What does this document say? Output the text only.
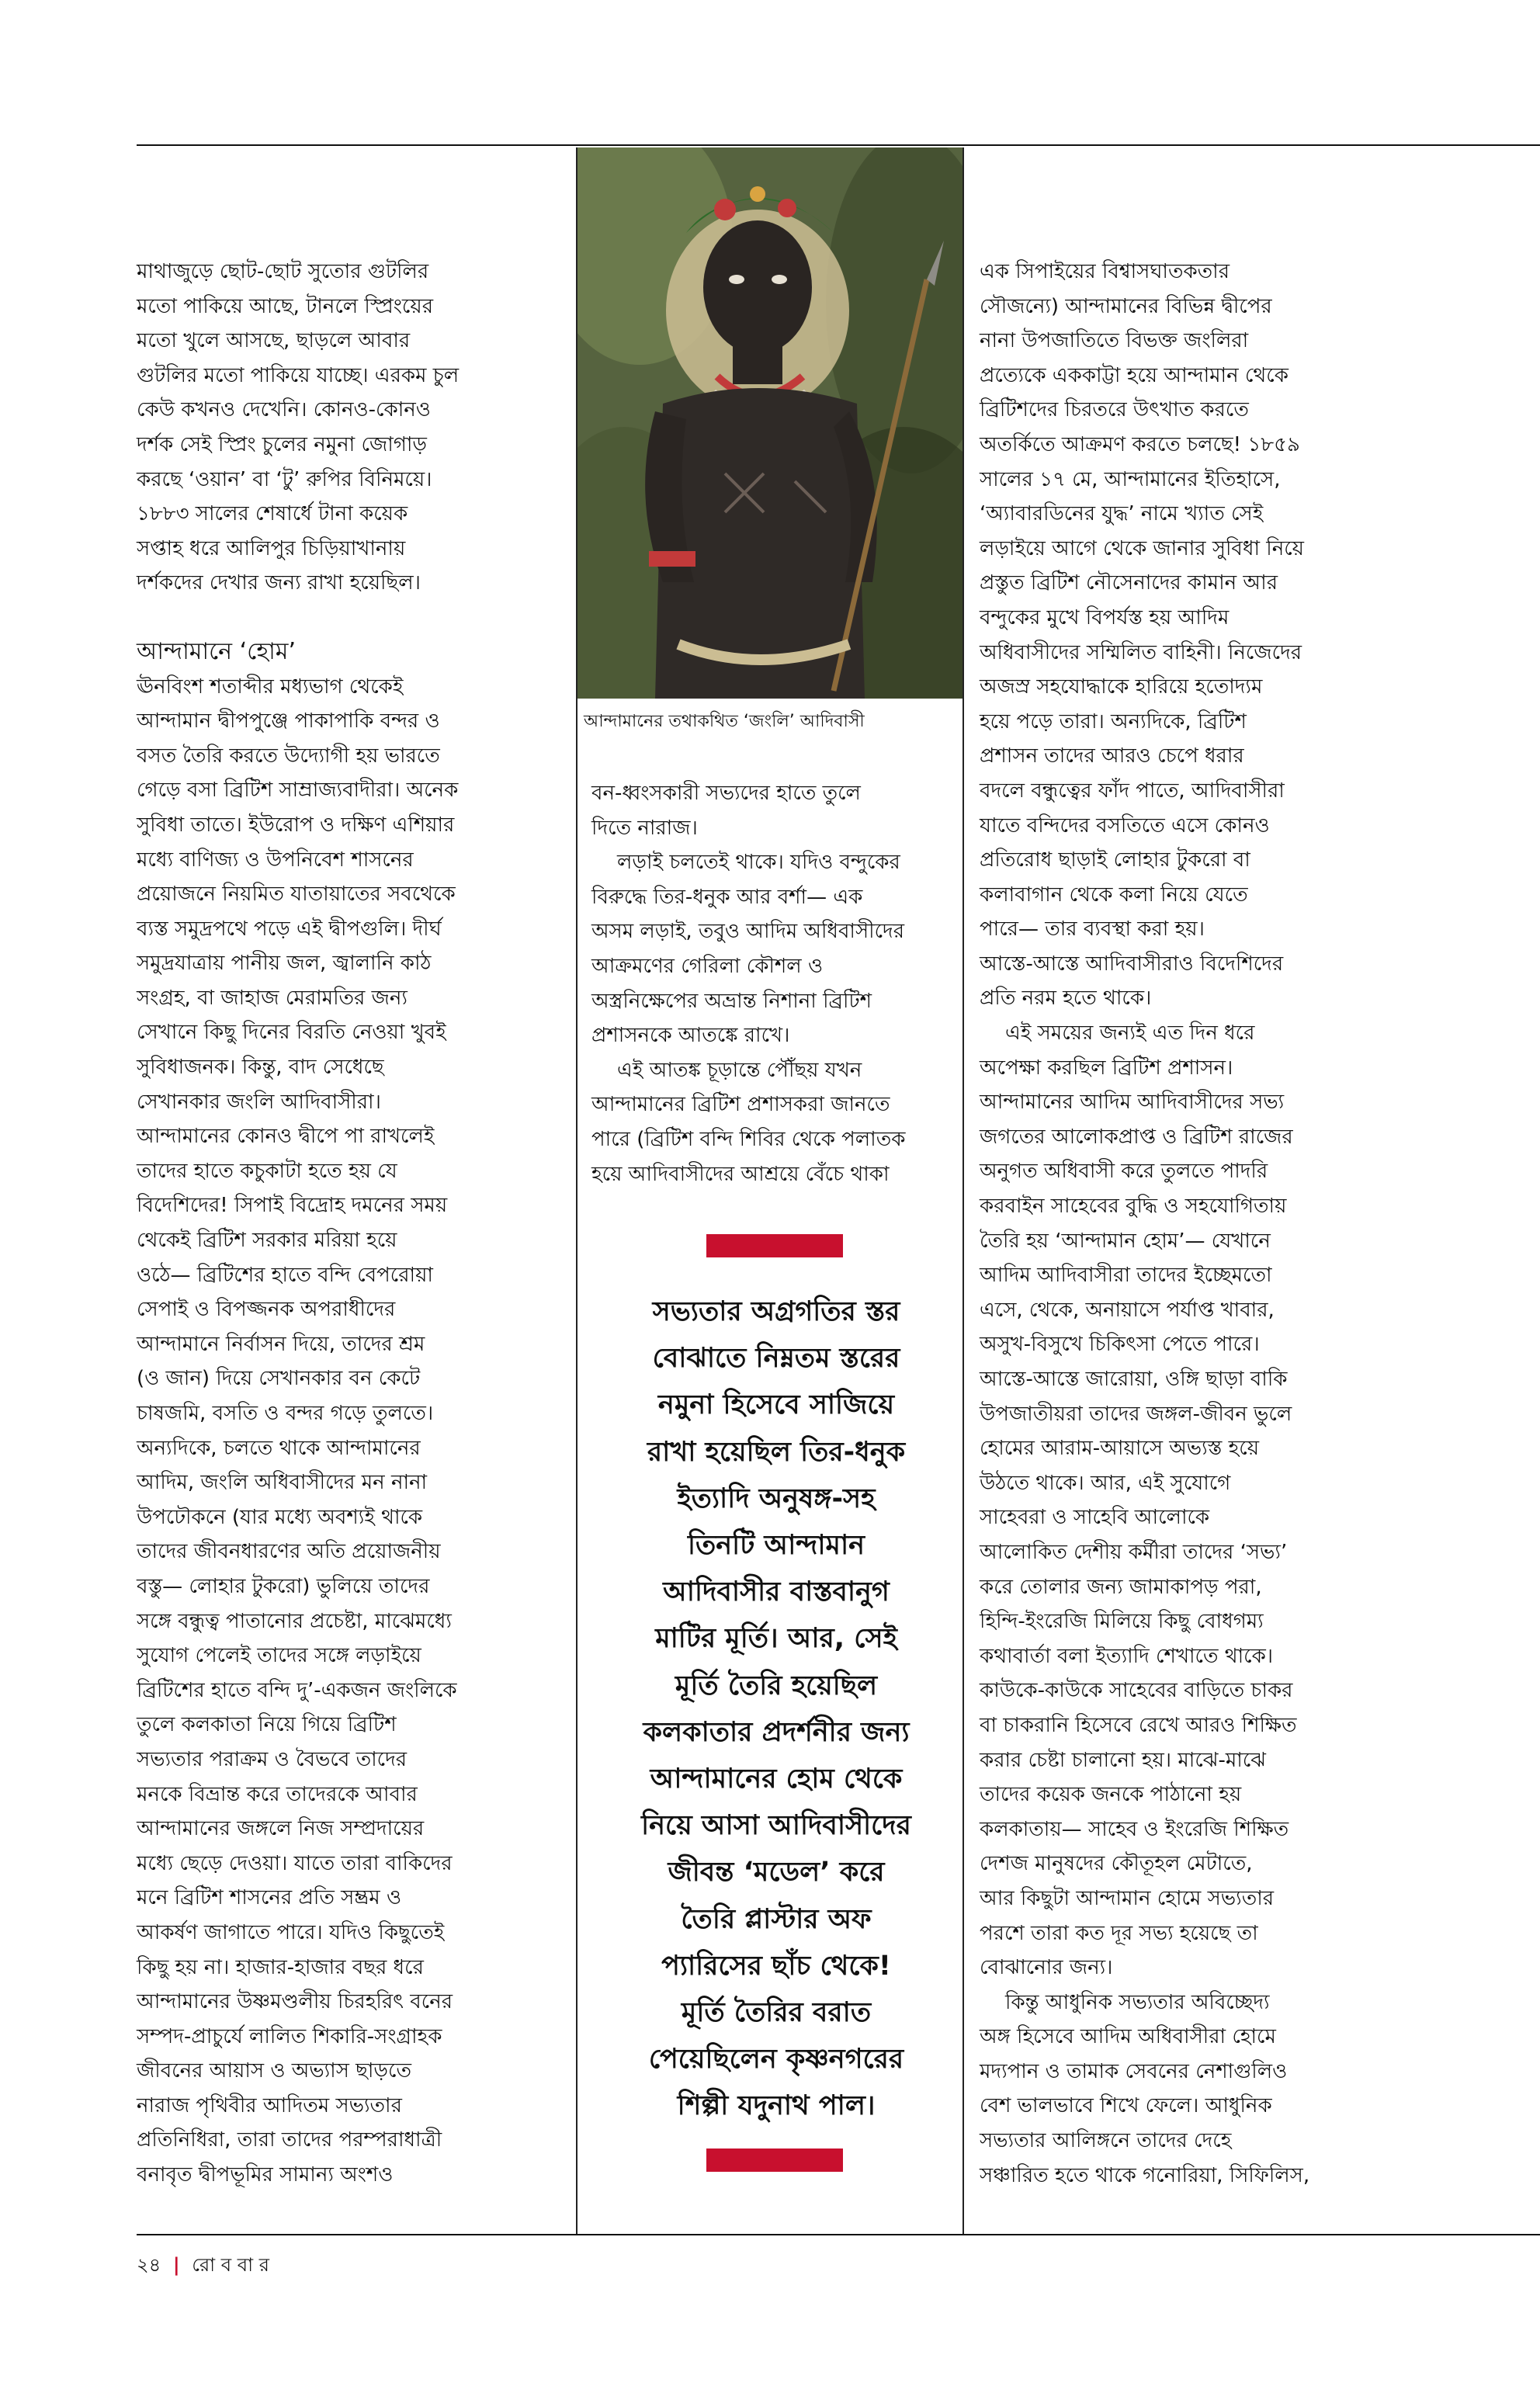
মাথাজুড়ে ছোট-ছোট সুতোর গুটলির

মতো পাকিয়ে আছে, টানলে স্প্রিংয়ের

মতো খুলে আসছে, ছাড়লে আবার

গুটলির মতো পাকিয়ে যাচ্ছে। এরকম চুল

কেউ কখনও দেখেনি। কোনও-কোনও

দর্শক সেই স্প্রিং চুলের নমুনা জোগাড়

করছে ‘ওয়ান’ বা ‘টু’ রুপির বিনিময়ে।

১৮৮৩ সালের শেষার্ধে টানা কয়েক

সপ্তাহ ধরে আলিপুর চিড়িয়াখানায়

দর্শকদের দেখার জন্য রাখা হয়েছিল।

আন্দামানে ‘হোম’

ঊনবিংশ শতাব্দীর মধ্যভাগ থেকেই

আন্দামান দ্বীপপুঞ্জে পাকাপাকি বন্দর ও

বসত তৈরি করতে উদ্যোগী হয় ভারতে

গেড়ে বসা ব্রিটিশ সাম্রাজ্যবাদীরা। অনেক

সুবিধা তাতে। ইউরোপ ও দক্ষিণ এশিয়ার

মধ্যে বাণিজ্য ও উপনিবেশ শাসনের

প্রয়োজনে নিয়মিত যাতায়াতের সবথেকে

ব্যস্ত সমুদ্রপথে পড়ে এই দ্বীপগুলি। দীর্ঘ

সমুদ্রযাত্রায় পানীয় জল, জ্বালানি কাঠ

সংগ্রহ, বা জাহাজ মেরামতির জন্য

সেখানে কিছু দিনের বিরতি নেওয়া খুবই

সুবিধাজনক। কিন্তু, বাদ সেধেছে

সেখানকার জংলি আদিবাসীরা।

আন্দামানের কোনও দ্বীপে পা রাখলেই

তাদের হাতে কচুকাটা হতে হয় যে

বিদেশিদের! সিপাই বিদ্রোহ দমনের সময়

থেকেই ব্রিটিশ সরকার মরিয়া হয়ে

ওঠে— ব্রিটিশের হাতে বন্দি বেপরোয়া

সেপাই ও বিপজ্জনক অপরাধীদের

আন্দামানে নির্বাসন দিয়ে, তাদের শ্রম

(ও জান) দিয়ে সেখানকার বন কেটে

চাষজমি, বসতি ও বন্দর গড়ে তুলতে।

অন্যদিকে, চলতে থাকে আন্দামানের

আদিম, জংলি অধিবাসীদের মন নানা

উপঢৌকনে (যার মধ্যে অবশ্যই থাকে

তাদের জীবনধারণের অতি প্রয়োজনীয়

বস্তু— লোহার টুকরো) ভুলিয়ে তাদের

সঙ্গে বন্ধুত্ব পাতানোর প্রচেষ্টা, মাঝেমধ্যে

সুযোগ পেলেই তাদের সঙ্গে লড়াইয়ে

ব্রিটিশের হাতে বন্দি দু’-একজন জংলিকে

তুলে কলকাতা নিয়ে গিয়ে ব্রিটিশ

সভ্যতার পরাক্রম ও বৈভবে তাদের

মনকে বিভ্রান্ত করে তাদেরকে আবার

আন্দামানের জঙ্গলে নিজ সম্প্রদায়ের

মধ্যে ছেড়ে দেওয়া। যাতে তারা বাকিদের

মনে ব্রিটিশ শাসনের প্রতি সম্ভ্রম ও

আকর্ষণ জাগাতে পারে। যদিও কিছুতেই

কিছু হয় না। হাজার-হাজার বছর ধরে

আন্দামানের উষ্ণমণ্ডলীয় চিরহরিৎ বনের

সম্পদ-প্রাচুর্যে লালিত শিকারি-সংগ্রাহক

জীবনের আয়াস ও অভ্যাস ছাড়তে

নারাজ পৃথিবীর আদিতম সভ্যতার

প্রতিনিধিরা, তারা তাদের পরম্পরাধাত্রী

বনাবৃত দ্বীপভূমির সামান্য অংশও

আন্দামানের তথাকথিত ‘জংলি’ আদিবাসী

বন-ধ্বংসকারী সভ্যদের হাতে তুলে

দিতে নারাজ।

লড়াই চলতেই থাকে। যদিও বন্দুকের

বিরুদ্ধে তির-ধনুক আর বর্শা— এক

অসম লড়াই, তবুও আদিম অধিবাসীদের

আক্রমণের গেরিলা কৌশল ও

অস্ত্রনিক্ষেপের অভ্রান্ত নিশানা ব্রিটিশ

প্রশাসনকে আতঙ্কে রাখে।

এই আতঙ্ক চূড়ান্তে পৌঁছয় যখন

আন্দামানের ব্রিটিশ প্রশাসকরা জানতে

পারে (ব্রিটিশ বন্দি শিবির থেকে পলাতক

হয়ে আদিবাসীদের আশ্রয়ে বেঁচে থাকা

সভ্যতার অগ্রগতির স্তর

বোঝাতে নিম্নতম স্তরের

নমুনা হিসেবে সাজিয়ে

রাখা হয়েছিল তির-ধনুক

ইত্যাদি অনুষঙ্গ-সহ

তিনটি আন্দামান

আদিবাসীর বাস্তবানুগ

মাটির মূর্তি। আর, সেই

মূর্তি তৈরি হয়েছিল

কলকাতার প্রদর্শনীর জন্য

আন্দামানের হোম থেকে

নিয়ে আসা আদিবাসীদের

জীবন্ত ‘মডেল’ করে

তৈরি প্লাস্টার অফ

প্যারিসের ছাঁচ থেকে!

মূর্তি তৈরির বরাত

পেয়েছিলেন কৃষ্ণনগরের

শিল্পী যদুনাথ পাল।

এক সিপাইয়ের বিশ্বাসঘাতকতার

সৌজন্যে) আন্দামানের বিভিন্ন দ্বীপের

নানা উপজাতিতে বিভক্ত জংলিরা

প্রত্যেকে এককাট্টা হয়ে আন্দামান থেকে

ব্রিটিশদের চিরতরে উৎখাত করতে

অতর্কিতে আক্রমণ করতে চলছে! ১৮৫৯

সালের ১৭ মে, আন্দামানের ইতিহাসে,

‘অ্যাবারডিনের যুদ্ধ’ নামে খ্যাত সেই

লড়াইয়ে আগে থেকে জানার সুবিধা নিয়ে

প্রস্তুত ব্রিটিশ নৌসেনাদের কামান আর

বন্দুকের মুখে বিপর্যস্ত হয় আদিম

অধিবাসীদের সম্মিলিত বাহিনী। নিজেদের

অজস্র সহযোদ্ধাকে হারিয়ে হতোদ্যম

হয়ে পড়ে তারা। অন্যদিকে, ব্রিটিশ

প্রশাসন তাদের আরও চেপে ধরার

বদলে বন্ধুত্বের ফাঁদ পাতে, আদিবাসীরা

যাতে বন্দিদের বসতিতে এসে কোনও

প্রতিরোধ ছাড়াই লোহার টুকরো বা

কলাবাগান থেকে কলা নিয়ে যেতে

পারে— তার ব্যবস্থা করা হয়।

আস্তে-আস্তে আদিবাসীরাও বিদেশিদের

প্রতি নরম হতে থাকে।

এই সময়ের জন্যই এত দিন ধরে

অপেক্ষা করছিল ব্রিটিশ প্রশাসন।

আন্দামানের আদিম আদিবাসীদের সভ্য

জগতের আলোকপ্রাপ্ত ও ব্রিটিশ রাজের

অনুগত অধিবাসী করে তুলতে পাদরি

করবাইন সাহেবের বুদ্ধি ও সহযোগিতায়

তৈরি হয় ‘আন্দামান হোম’— যেখানে

আদিম আদিবাসীরা তাদের ইচ্ছেমতো

এসে, থেকে, অনায়াসে পর্যাপ্ত খাবার,

অসুখ-বিসুখে চিকিৎসা পেতে পারে।

আস্তে-আস্তে জারোয়া, ওঙ্গি ছাড়া বাকি

উপজাতীয়রা তাদের জঙ্গল-জীবন ভুলে

হোমের আরাম-আয়াসে অভ্যস্ত হয়ে

উঠতে থাকে। আর, এই সুযোগে

সাহেবরা ও সাহেবি আলোকে

আলোকিত দেশীয় কর্মীরা তাদের ‘সভ্য’

করে তোলার জন্য জামাকাপড় পরা,

হিন্দি-ইংরেজি মিলিয়ে কিছু বোধগম্য

কথাবার্তা বলা ইত্যাদি শেখাতে থাকে।

কাউকে-কাউকে সাহেবের বাড়িতে চাকর

বা চাকরানি হিসেবে রেখে আরও শিক্ষিত

করার চেষ্টা চালানো হয়। মাঝে-মাঝে

তাদের কয়েক জনকে পাঠানো হয়

কলকাতায়— সাহেব ও ইংরেজি শিক্ষিত

দেশজ মানুষদের কৌতূহল মেটাতে,

আর কিছুটা আন্দামান হোমে সভ্যতার

পরশে তারা কত দূর সভ্য হয়েছে তা

বোঝানোর জন্য।

কিন্তু আধুনিক সভ্যতার অবিচ্ছেদ্য

অঙ্গ হিসেবে আদিম অধিবাসীরা হোমে

মদ্যপান ও তামাক সেবনের নেশাগুলিও

বেশ ভালভাবে শিখে ফেলে। আধুনিক

সভ্যতার আলিঙ্গনে তাদের দেহে

সঞ্চারিত হতে থাকে গনোরিয়া, সিফিলিস,

২৪ | রো ব বা র
